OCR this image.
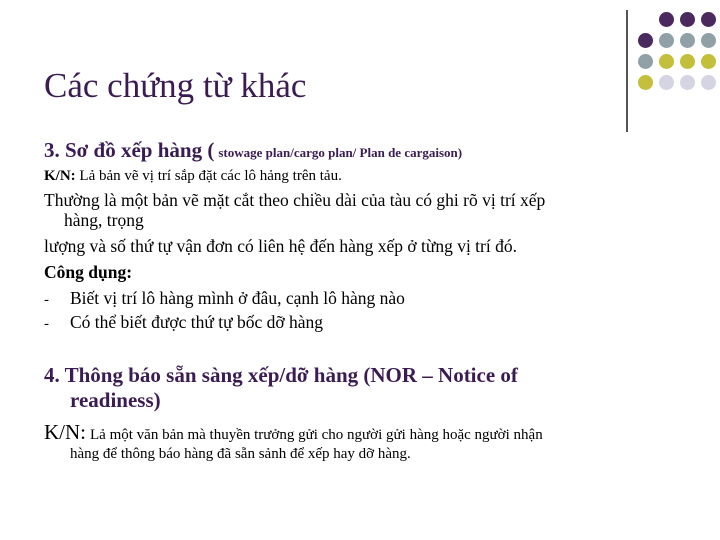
Các chứng từ khác
3. Sơ đồ xếp hàng ( stowage plan/cargo plan/ Plan de cargaison)
K/N: Lả bản vẽ vị trí sắp đặt các lô hảng trên tảu.
Thường là một bản vẽ mặt cắt theo chiều dài của tàu có ghi rõ vị trí xếp
hàng, trọng
lượng và số thứ tự vận đơn có liên hệ đến hàng xếp ở từng vị trí đó.
Công dụng:
- Biết vị trí lô hàng mình ở đâu, cạnh lô hàng nào
- Có thể biết được thứ tự bốc dỡ hàng
4. Thông báo sẵn sàng xếp/dỡ hàng (NOR – Notice of
readiness)
K/N: Lả một văn bản mà thuyền trưởng gửi cho người gửi hàng hoặc người nhận
hàng để thông báo hàng đã sẵn sảnh để xếp hay dỡ hàng.
